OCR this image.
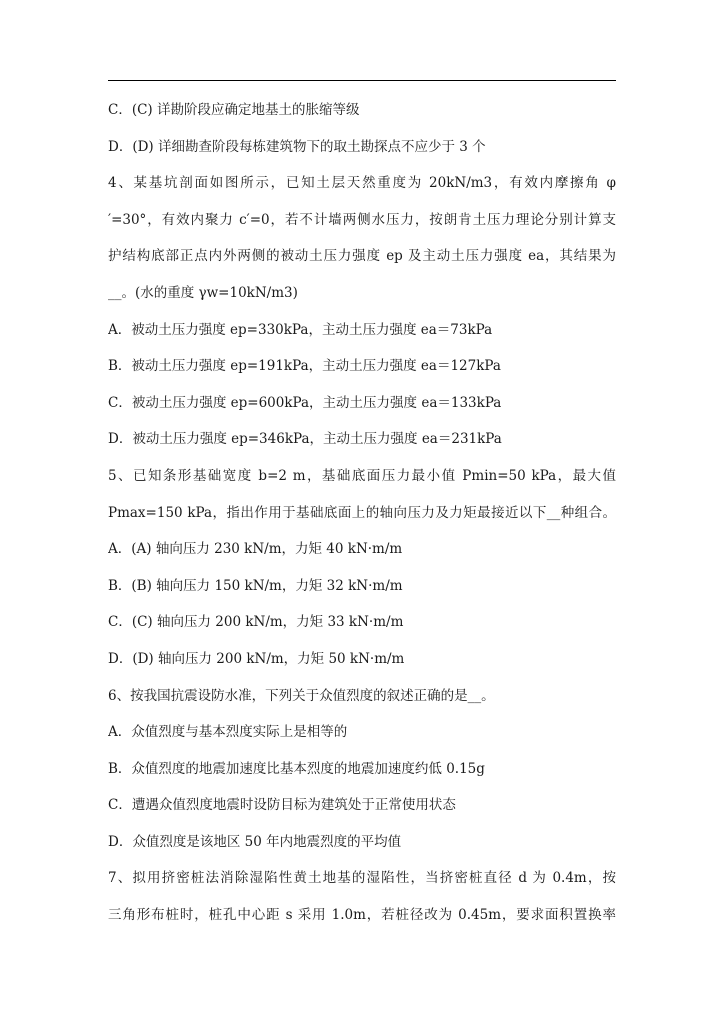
C．(C) 详勘阶段应确定地基土的胀缩等级
D．(D) 详细勘查阶段每栋建筑物下的取土勘探点不应少于 3 个
4、某基坑剖面如图所示，已知土层天然重度为 20kN/m3，有效内摩擦角 φ
′=30°，有效内聚力 c′=0，若不计墙两侧水压力，按朗肯土压力理论分别计算支
护结构底部正点内外两侧的被动土压力强度 ep 及主动土压力强度 ea，其结果为
__。(水的重度 γw=10kN/m3)
A．被动土压力强度 ep=330kPa，主动土压力强度 ea＝73kPa
B．被动土压力强度 ep=191kPa，主动土压力强度 ea＝127kPa
C．被动土压力强度 ep=600kPa，主动土压力强度 ea＝133kPa
D．被动土压力强度 ep=346kPa，主动土压力强度 ea＝231kPa
5、已知条形基础宽度 b=2 m，基础底面压力最小值 Pmin=50 kPa，最大值
Pmax=150 kPa，指出作用于基础底面上的轴向压力及力矩最接近以下__种组合。
A．(A) 轴向压力 230 kN/m，力矩 40 kN·m/m
B．(B) 轴向压力 150 kN/m，力矩 32 kN·m/m
C．(C) 轴向压力 200 kN/m，力矩 33 kN·m/m
D．(D) 轴向压力 200 kN/m，力矩 50 kN·m/m
6、按我国抗震设防水准，下列关于众值烈度的叙述正确的是__。
A．众值烈度与基本烈度实际上是相等的
B．众值烈度的地震加速度比基本烈度的地震加速度约低 0.15g
C．遭遇众值烈度地震时设防目标为建筑处于正常使用状态
D．众值烈度是该地区 50 年内地震烈度的平均值
7、拟用挤密桩法消除湿陷性黄土地基的湿陷性，当挤密桩直径 d 为 0.4m，按
三角形布桩时，桩孔中心距 s 采用 1.0m，若桩径改为 0.45m，要求面积置换率
